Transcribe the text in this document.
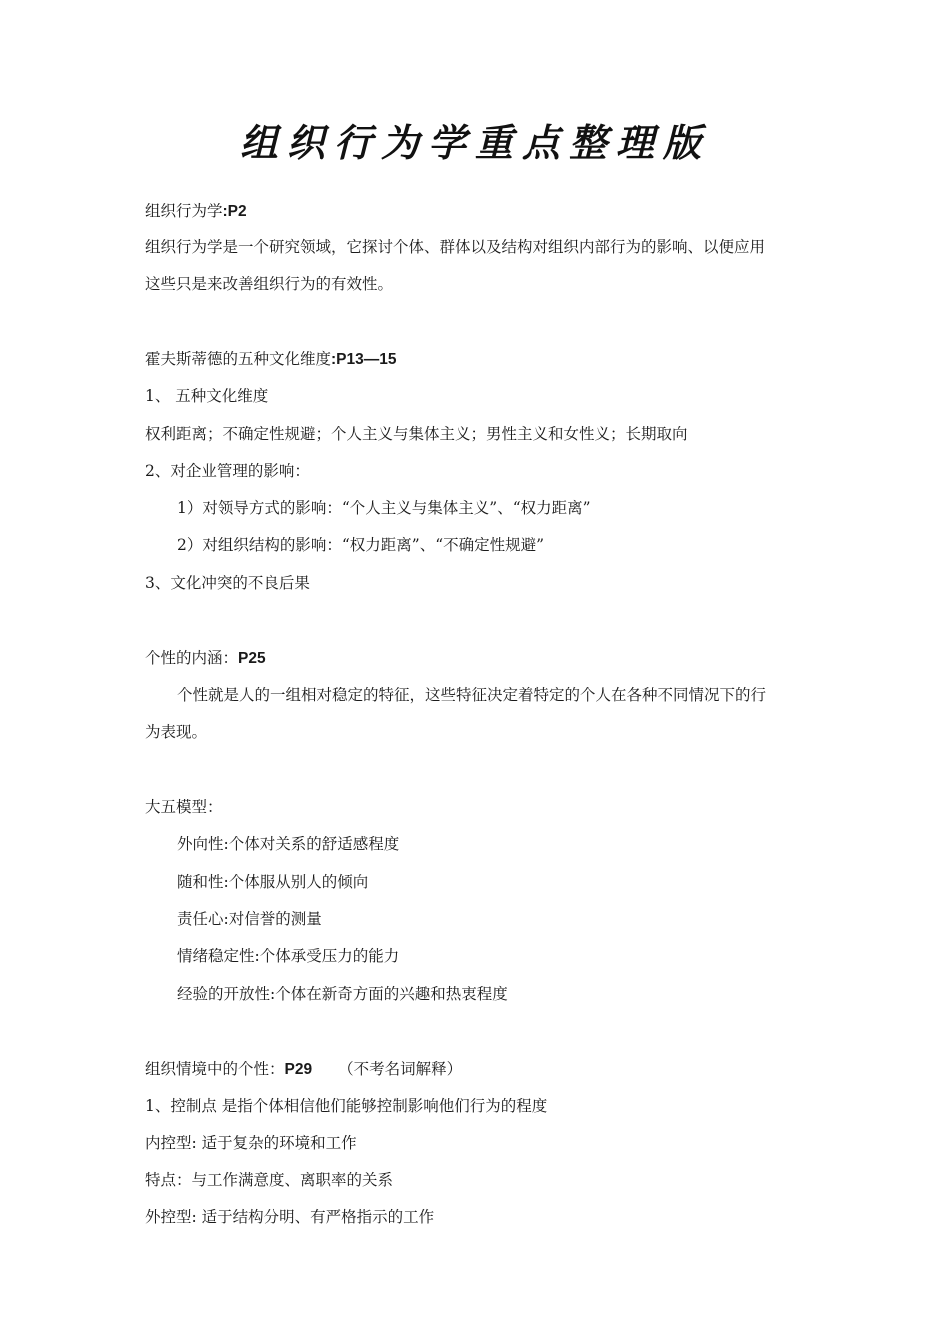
组织行为学重点整理版
组织行为学:P2
组织行为学是一个研究领域，它探讨个体、群体以及结构对组织内部行为的影响、以便应用
这些只是来改善组织行为的有效性。
霍夫斯蒂德的五种文化维度:P13—15
1、 五种文化维度
权利距离；不确定性规避；个人主义与集体主义；男性主义和女性义；长期取向
2、对企业管理的影响：
1）对领导方式的影响：“个人主义与集体主义”、“权力距离”
2）对组织结构的影响：“权力距离”、“不确定性规避”
3、文化冲突的不良后果
个性的内涵：P25
个性就是人的一组相对稳定的特征，这些特征决定着特定的个人在各种不同情况下的行
为表现。
大五模型：
外向性:个体对关系的舒适感程度
随和性:个体服从别人的倾向
责任心:对信誉的测量
情绪稳定性:个体承受压力的能力
经验的开放性:个体在新奇方面的兴趣和热衷程度
组织情境中的个性：P29 （不考名词解释）
1、控制点 是指个体相信他们能够控制影响他们行为的程度
内控型: 适于复杂的环境和工作
特点：与工作满意度、离职率的关系
外控型: 适于结构分明、有严格指示的工作
